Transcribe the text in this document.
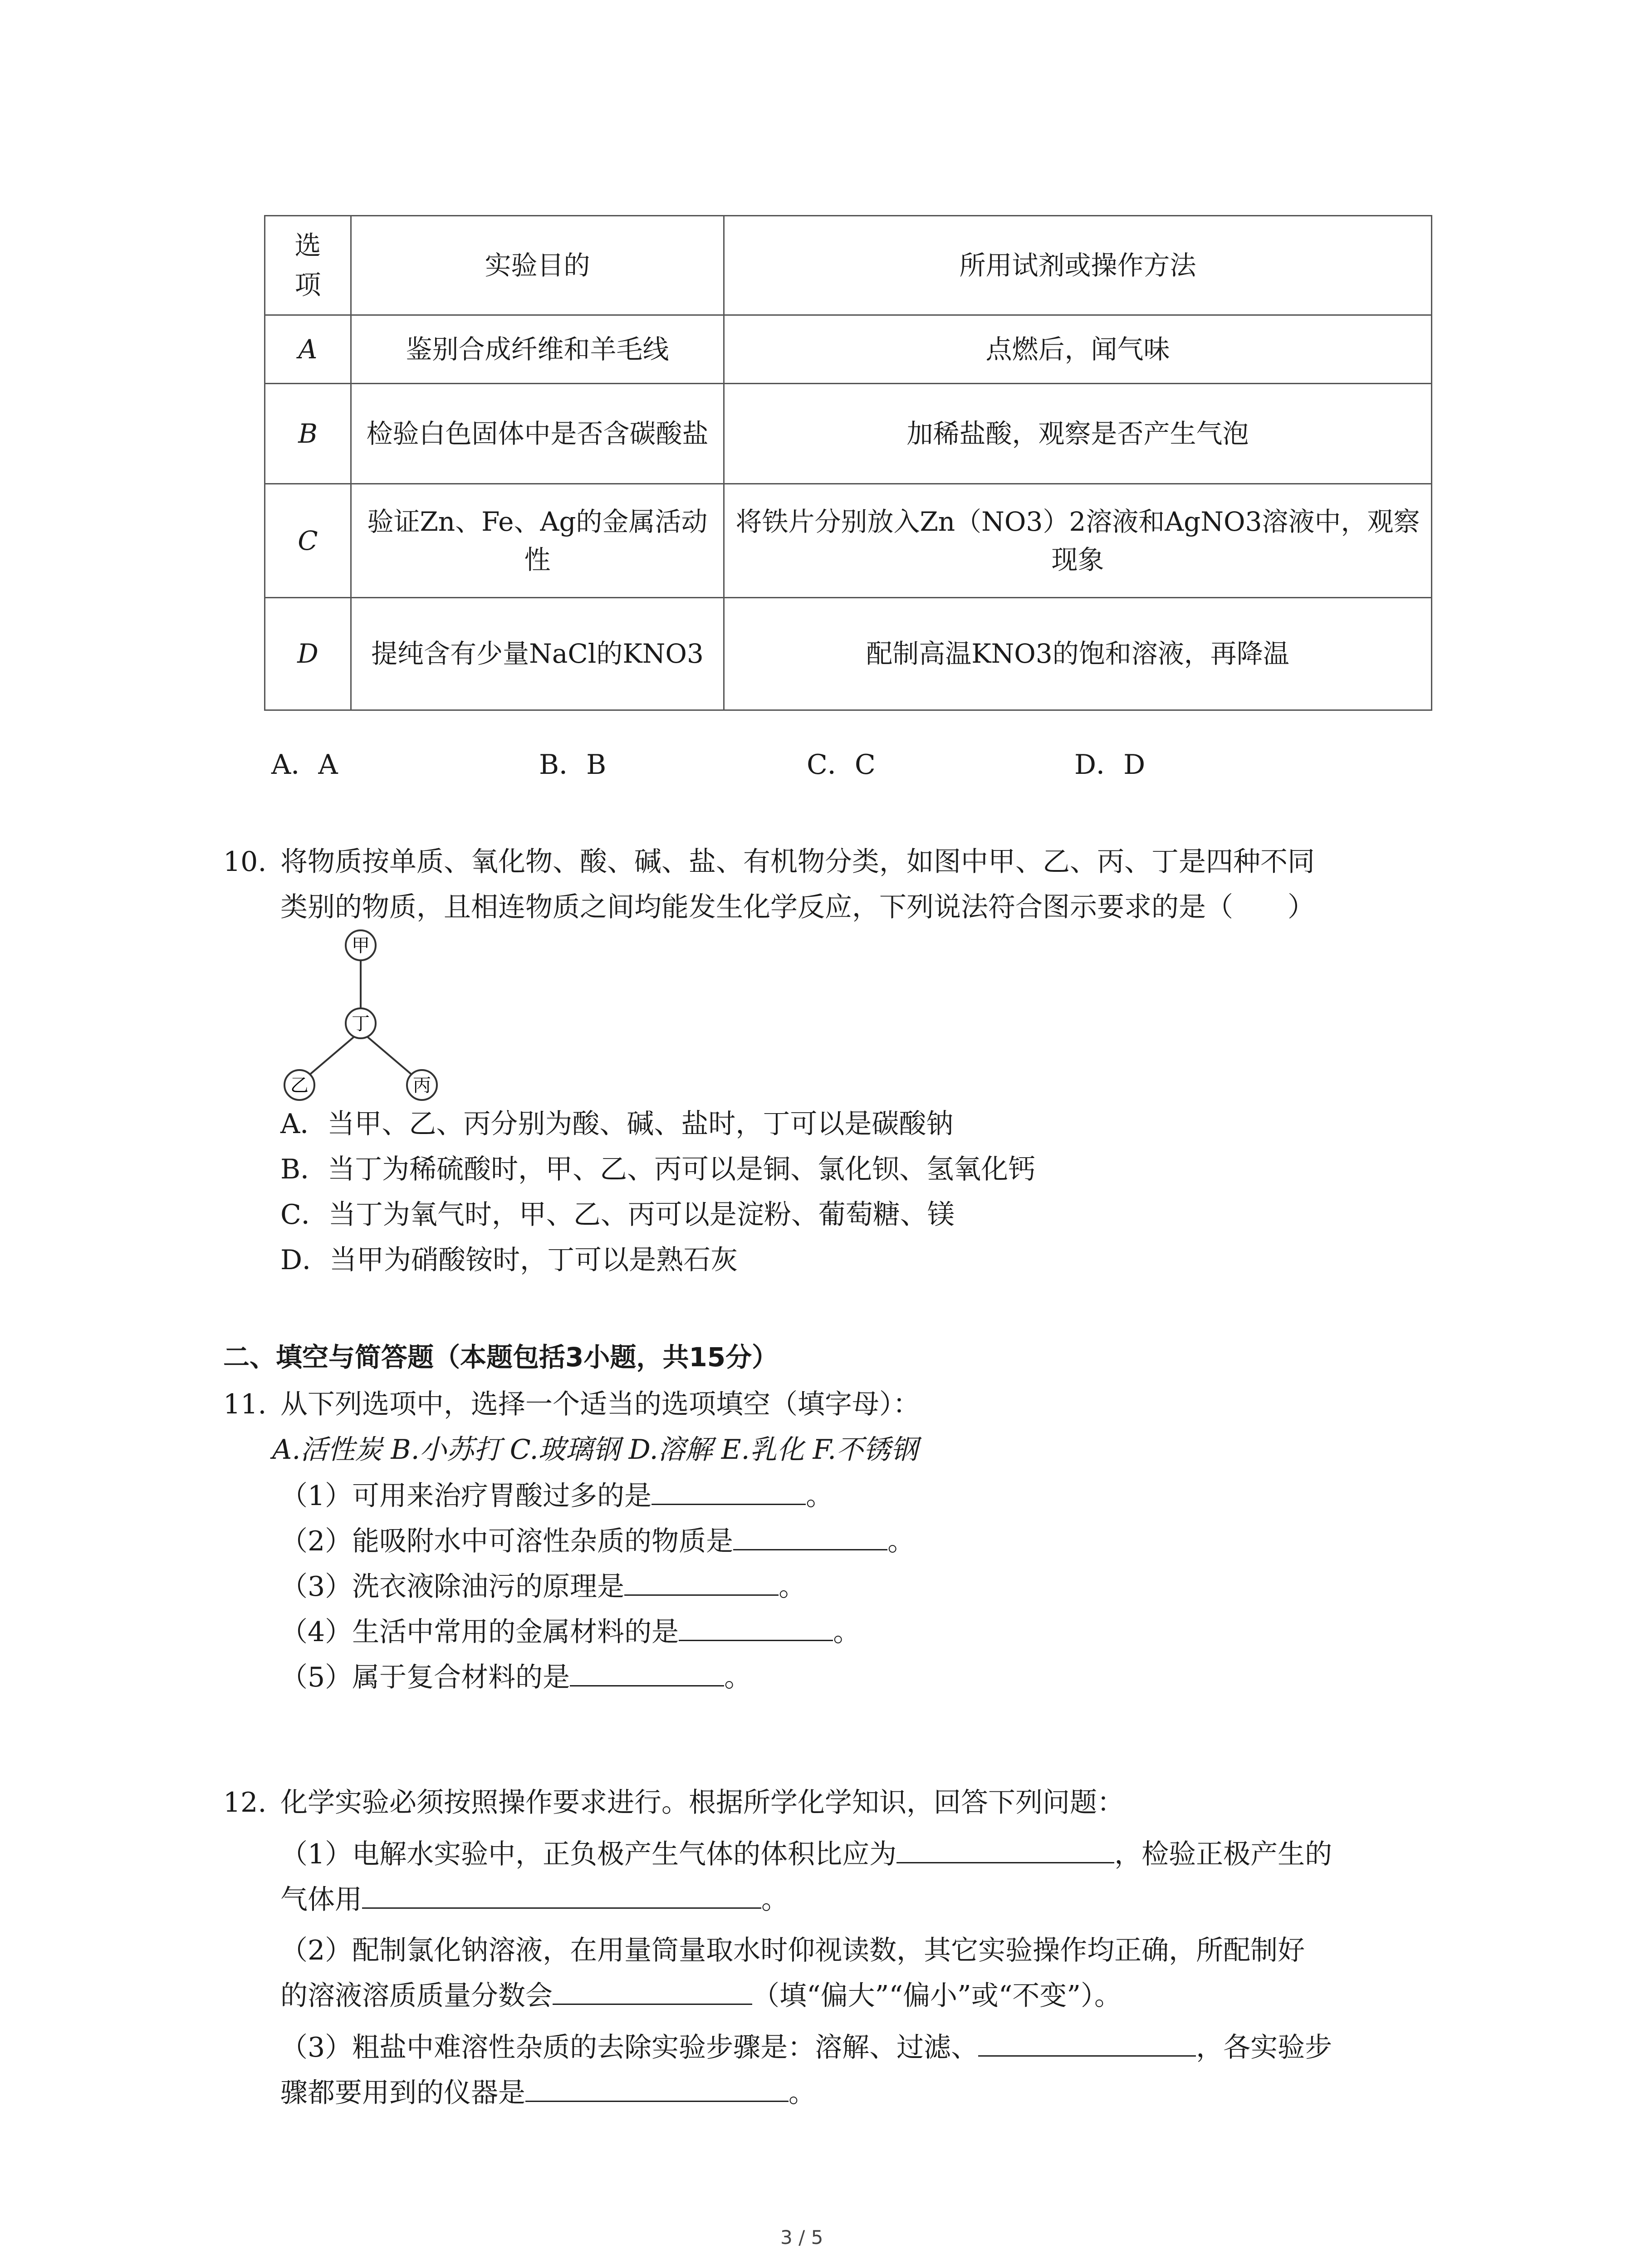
选项	实验目的	所用试剂或操作方法
A	鉴别合成纤维和羊毛线	点燃后，闻气味
B	检验白色固体中是否含碳酸盐	加稀盐酸，观察是否产生气泡
C	验证Zn、Fe、Ag的金属活动性	将铁片分别放入Zn（NO3）2溶液和AgNO3溶液中，观察现象
D	提纯含有少量NaCl的KNO3	配制高温KNO3的饱和溶液，再降温
A．A	B．B	C．C	D．D
10. 将物质按单质、氧化物、酸、碱、盐、有机物分类，如图中甲、乙、丙、丁是四种不同
类别的物质，且相连物质之间均能发生化学反应，下列说法符合图示要求的是（　　）
甲
丁
乙	丙
A．当甲、乙、丙分别为酸、碱、盐时，丁可以是碳酸钠
B．当丁为稀硫酸时，甲、乙、丙可以是铜、氯化钡、氢氧化钙
C．当丁为氧气时，甲、乙、丙可以是淀粉、葡萄糖、镁
D．当甲为硝酸铵时，丁可以是熟石灰
二、填空与简答题（本题包括3小题，共15分）
11. 从下列选项中，选择一个适当的选项填空（填字母）：
A.活性炭 B.小苏打 C.玻璃钢 D.溶解 E.乳化 F.不锈钢
（1）可用来治疗胃酸过多的是	。
（2）能吸附水中可溶性杂质的物质是	。
（3）洗衣液除油污的原理是	。
（4）生活中常用的金属材料的是	。
（5）属于复合材料的是	。
12. 化学实验必须按照操作要求进行。根据所学化学知识，回答下列问题：
（1）电解水实验中，正负极产生气体的体积比应为	，检验正极产生的
气体用	。
（2）配制氯化钠溶液，在用量筒量取水时仰视读数，其它实验操作均正确，所配制好
的溶液溶质质量分数会	（填“偏大”“偏小”或“不变”）。
（3）粗盐中难溶性杂质的去除实验步骤是：溶解、过滤、	，各实验步
骤都要用到的仪器是	。
3 / 5
